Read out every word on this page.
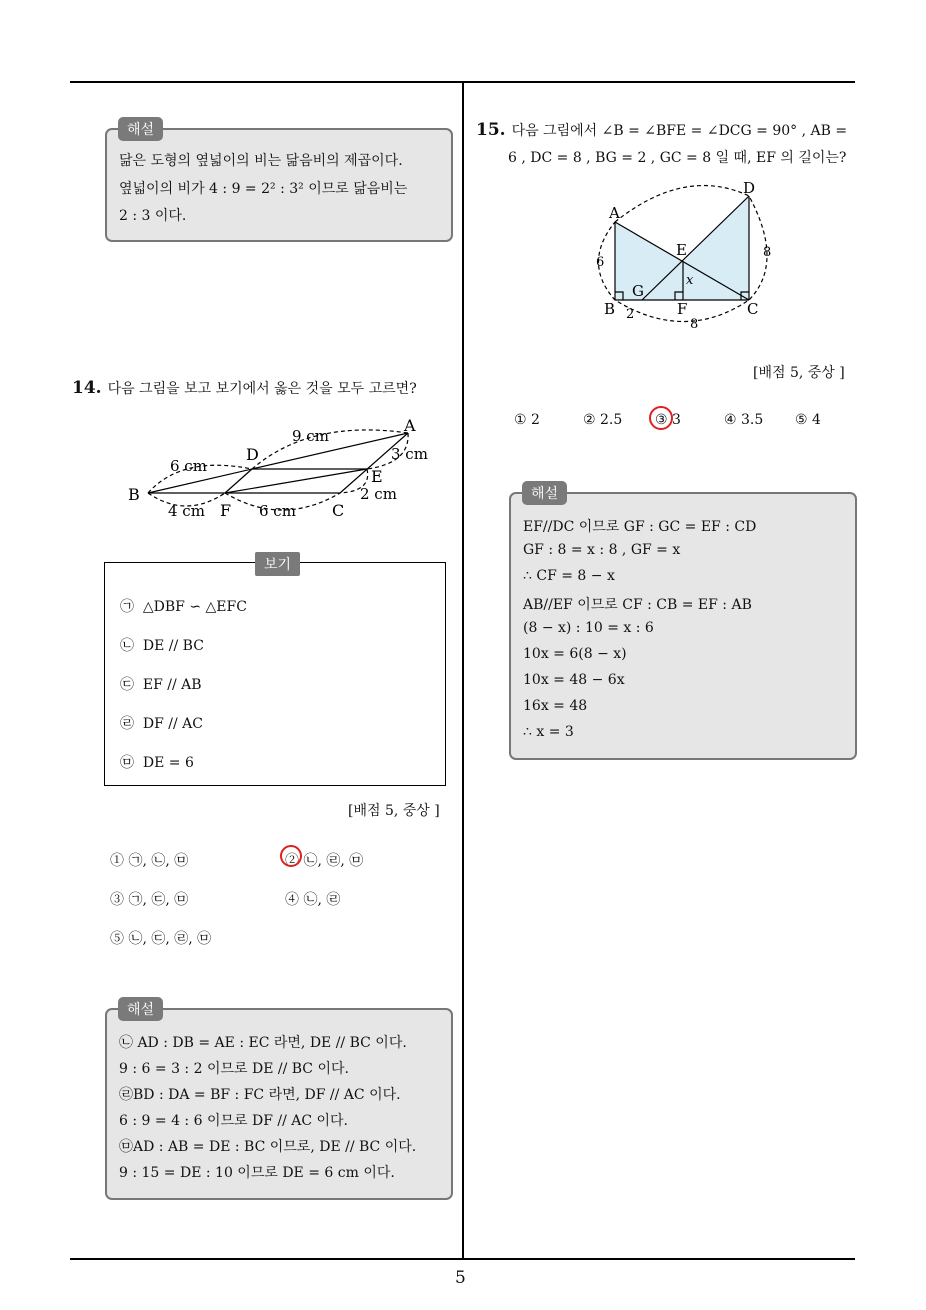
5
닮은 도형의 옆넓이의 비는 닮음비의 제곱이다.
옆넓이의 비가 4 : 9 = 2² : 3² 이므로 닮음비는
2 : 3 이다.
해설
14. 다음 그림을 보고 보기에서 옳은 것을 모두 고르면?
A
B
C
D
E
F
9 cm
6 cm
3 cm
2 cm
4 cm	6 cm
㉠ △DBF ∽ △EFC
㉡ DE // BC
㉢ EF // AB
㉣ DF // AC
㉤ DE = 6
보기
[배점 5, 중상 ]
① ㉠, ㉡, ㉤	② ㉡, ㉣, ㉤
③ ㉠, ㉢, ㉤	④ ㉡, ㉣
⑤ ㉡, ㉢, ㉣, ㉤
㉡ AD : DB = AE : EC 라면, DE // BC 이다.
9 : 6 = 3 : 2 이므로 DE // BC 이다.
㉣BD : DA = BF : FC 라면, DF // AC 이다.
6 : 9 = 4 : 6 이므로 DF // AC 이다.
㉤AD : AB = DE : BC 이므로, DE // BC 이다.
9 : 15 = DE : 10 이므로 DE = 6 cm 이다.
해설
15. 다음 그림에서 ∠B = ∠BFE = ∠DCG = 90° , AB =
6 , DC = 8 , BG = 2 , GC = 8 일 때, EF 의 길이는?
A
B	C
D
E
F
G
6
8
2
8
x
[배점 5, 중상 ]
① 2	② 2.5 ③ 3	④ 3.5 ⑤ 4
EF//DC 이므로 GF : GC = EF : CD
GF : 8 = x : 8 , GF = x
∴ CF = 8 − x
AB//EF 이므로 CF : CB = EF : AB
(8 − x) : 10 = x : 6
10x = 6(8 − x)
10x = 48 − 6x
16x = 48
∴ x = 3
해설
